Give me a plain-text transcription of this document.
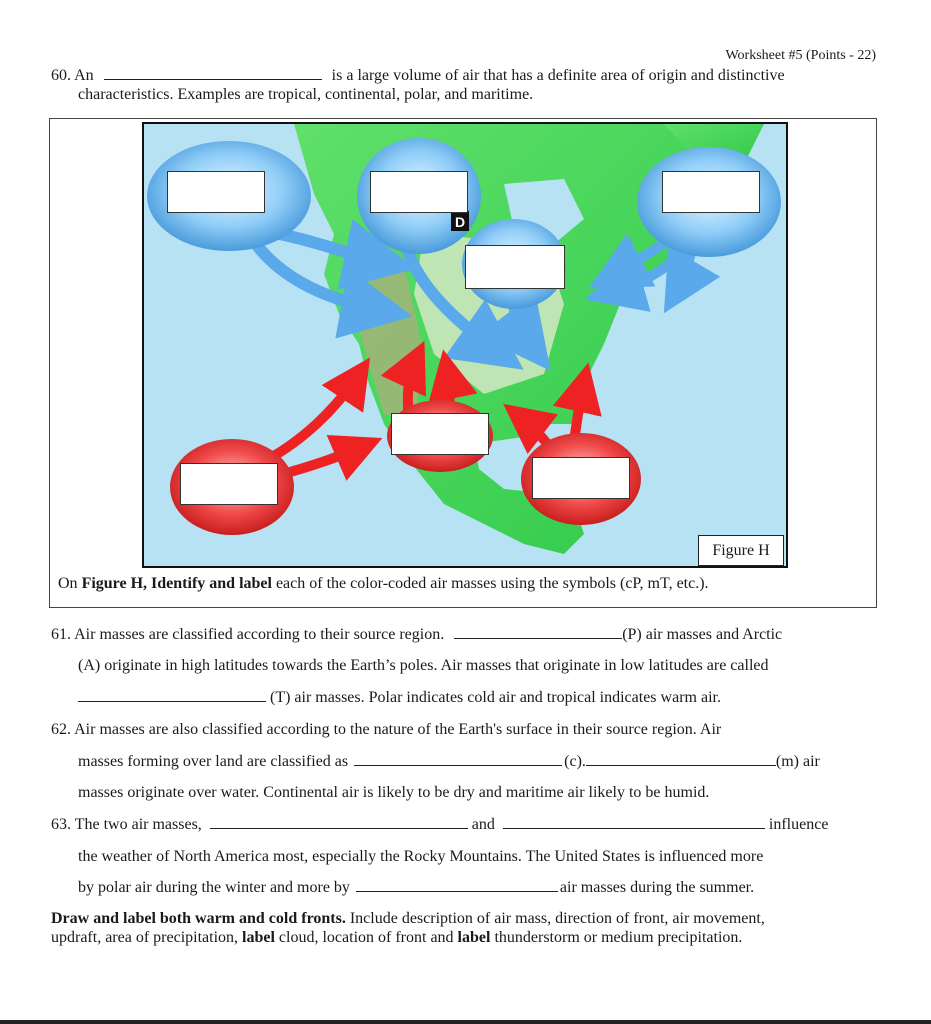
Worksheet #5 (Points - 22)
60. An	is a large volume of air that has a definite area of origin and distinctive
characteristics. Examples are tropical, continental, polar, and maritime.
D
Figure H
On Figure H, Identify and label each of the color-coded air masses using the symbols (cP, mT, etc.).
61. Air masses are classified according to their source region.	(P) air masses and Arctic
(A) originate in high latitudes towards the Earth’s poles. Air masses that originate in low latitudes are called
(T) air masses. Polar indicates cold air and tropical indicates warm air.
62. Air masses are also classified according to the nature of the Earth's surface in their source region. Air
masses forming over land are classified as	(c).	(m) air
masses originate over water. Continental air is likely to be dry and maritime air likely to be humid.
63. The two air masses,	and	influence
the weather of North America most, especially the Rocky Mountains. The United States is influenced more
by polar air during the winter and more by	air masses during the summer.
Draw and label both warm and cold fronts. Include description of air mass, direction of front, air movement,
updraft, area of precipitation, label cloud, location of front and label thunderstorm or medium precipitation.
